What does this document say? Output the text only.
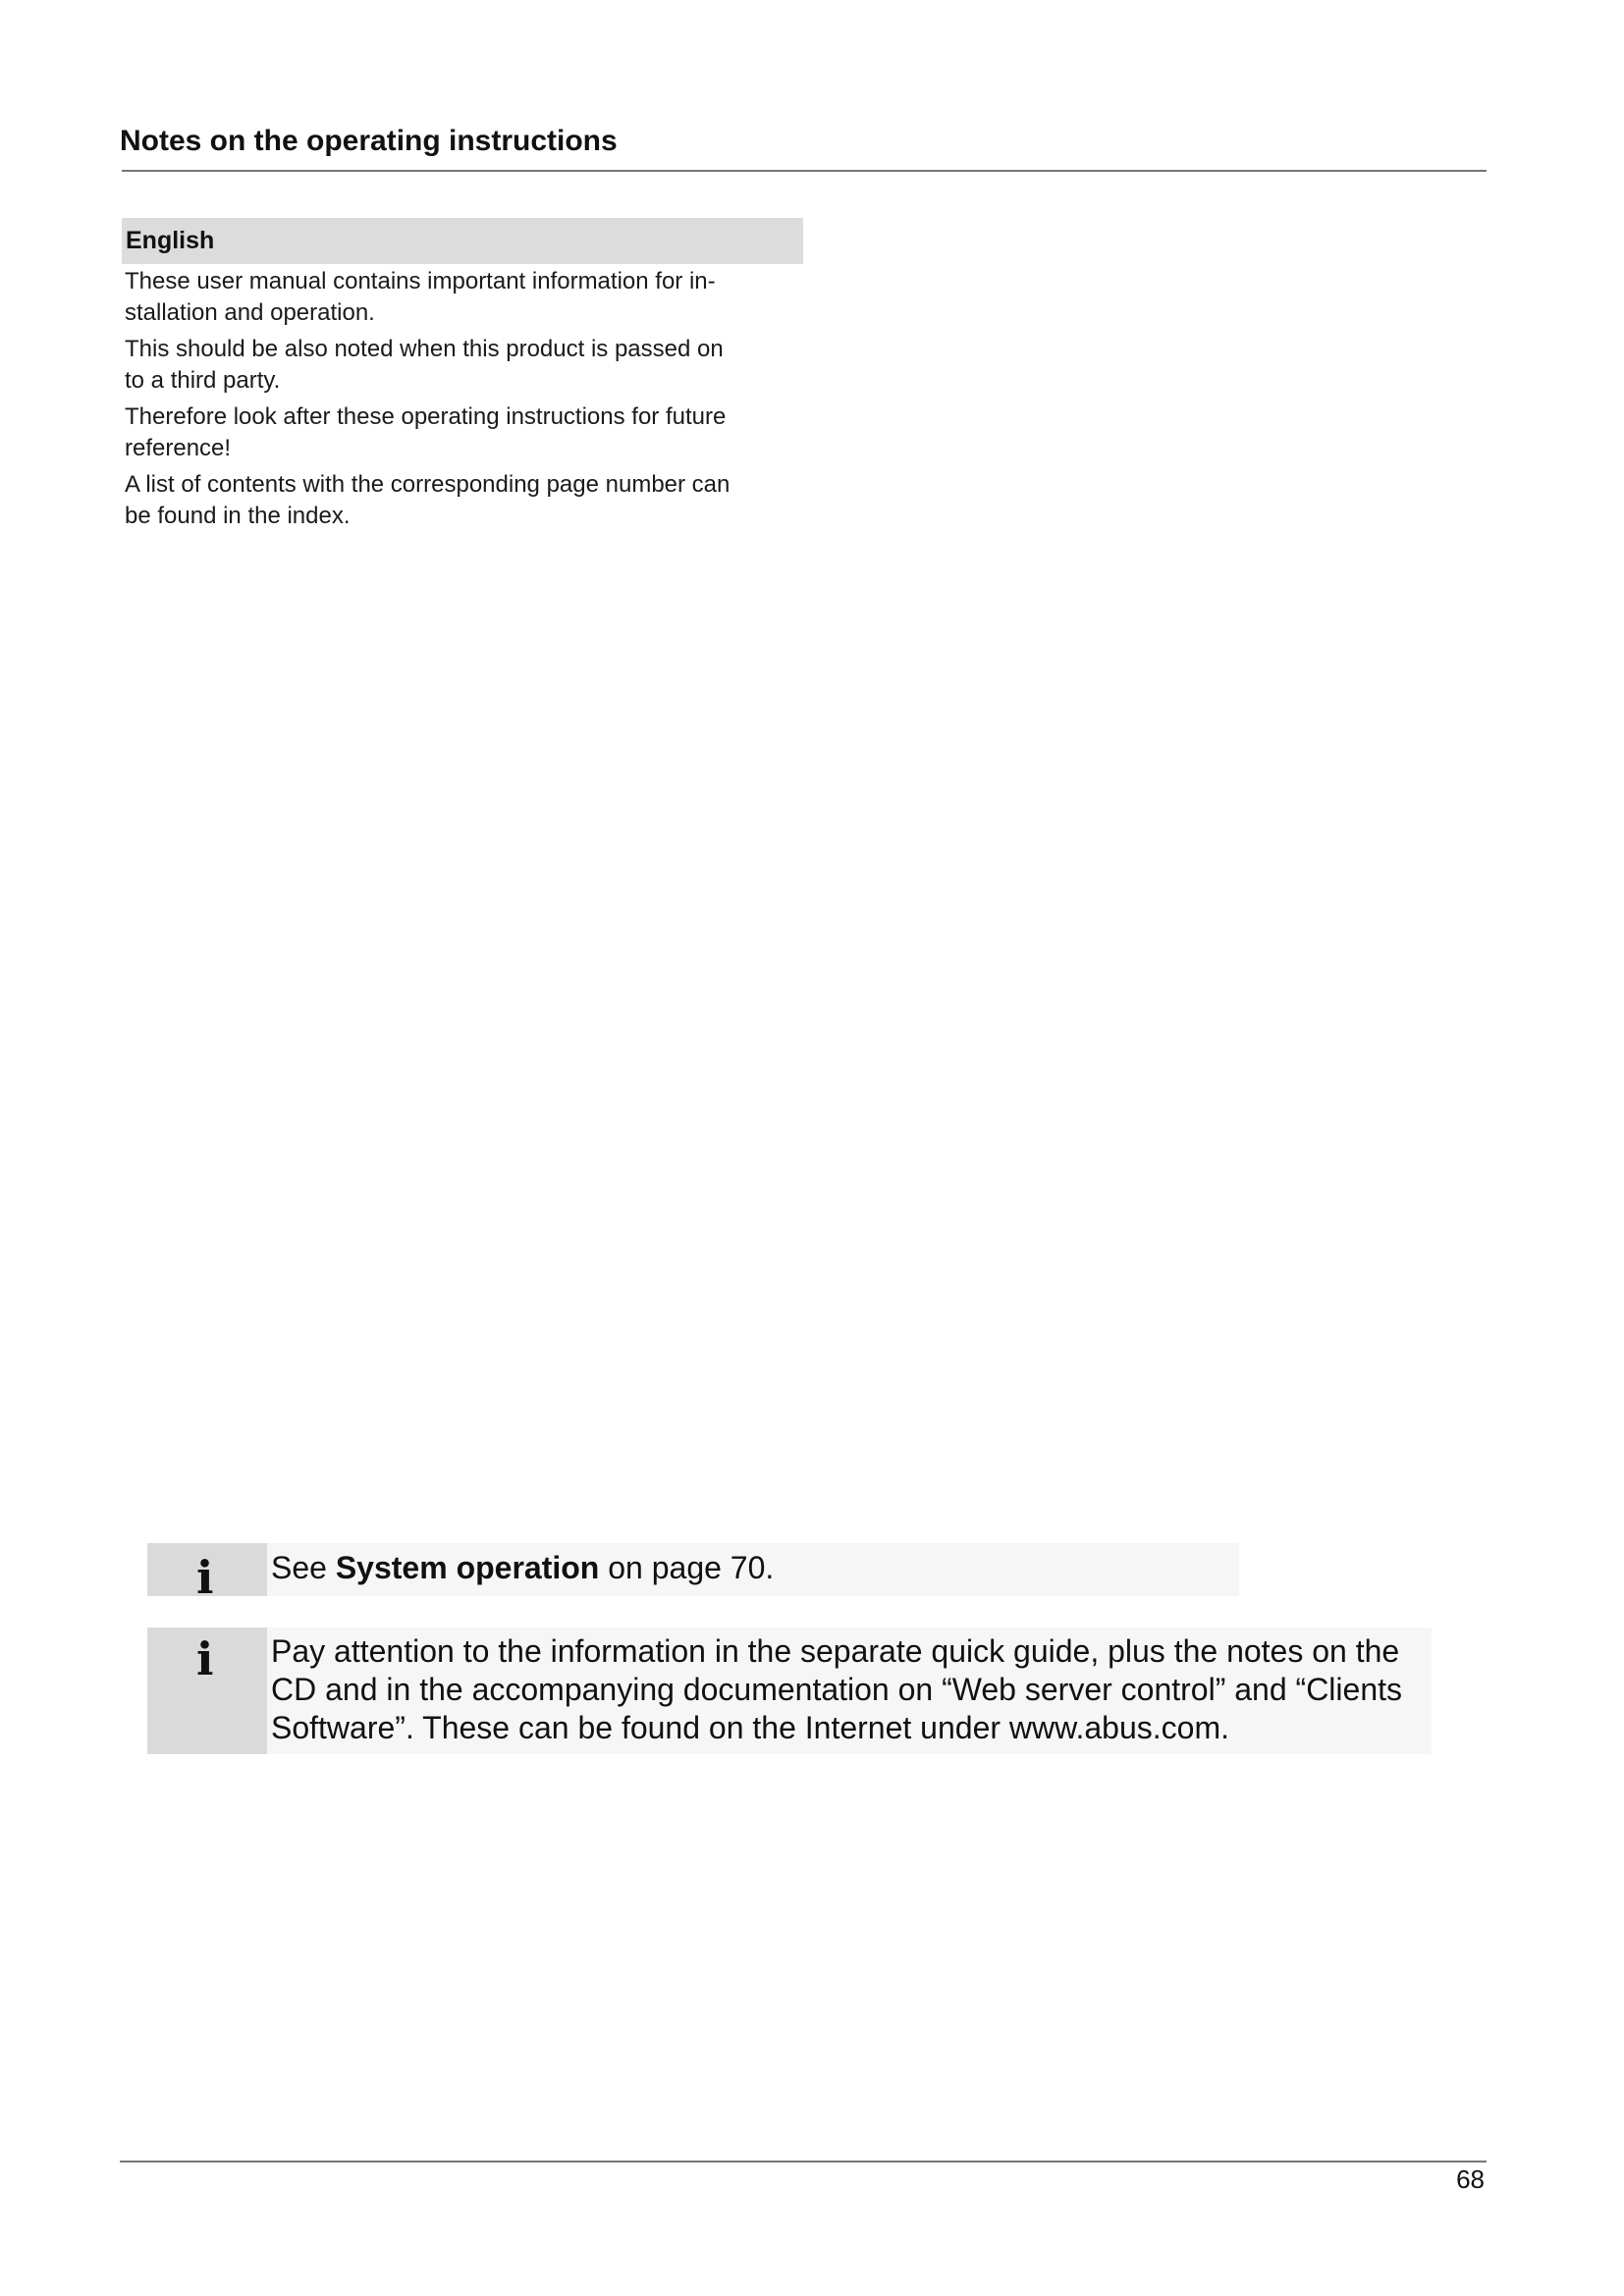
Notes on the operating instructions
English

These user manual contains important information for in-
stallation and operation.

This should be also noted when this product is passed on
to a third party.

Therefore look after these operating instructions for future
reference!

A list of contents with the corresponding page number can
be found in the index.

i See System operation on page 70.
i Pay attention to the information in the separate quick guide, plus the notes on the
CD and in the accompanying documentation on “Web server control” and “Clients
Software”. These can be found on the Internet under www.abus.com.
68
